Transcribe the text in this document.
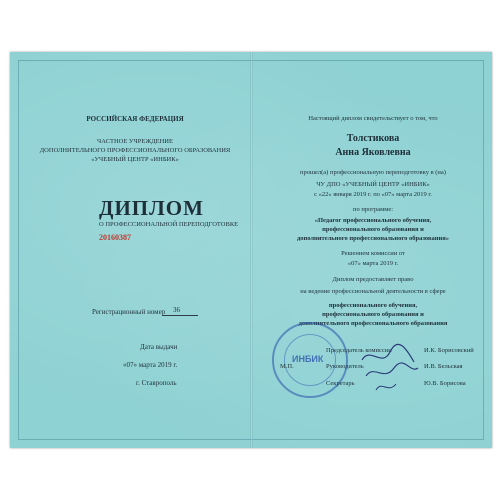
РОССИЙСКАЯ ФЕДЕРАЦИЯ
ЧАСТНОЕ УЧРЕЖДЕНИЕ
ДОПОЛНИТЕЛЬНОГО ПРОФЕССИОНАЛЬНОГО ОБРАЗОВАНИЯ
«УЧЕБНЫЙ ЦЕНТР «ИНБИК»
ДИПЛОМ
О ПРОФЕССИОНАЛЬНОЙ ПЕРЕПОДГОТОВКЕ
20160387
Регистрационный номер 36
Дата выдачи
«07» марта 2019 г.
г. Ставрополь
Настоящий диплом свидетельствует о том, что
Толстикова
Анна Яковлевна
прошел(а) профессиональную переподготовку в (на)
ЧУ ДПО «УЧЕБНЫЙ ЦЕНТР «ИНБИК»
с «22» января 2019 г. по «07» марта 2019 г.
по программе:
«Педагог профессионального обучения,
профессионального образования и
дополнительного профессионального образования»
Решением комиссии от
«07» марта 2019 г.
Диплом предоставляет право
на ведение профессиональной деятельности в сфере
профессионального обучения,
профессионального образования и
дополнительного профессионального образования
ИНБИК
М.П.
Председатель комиссии	И.К. Борисовский
Руководитель	И.В. Бельская
Секретарь	Ю.В. Борисова
